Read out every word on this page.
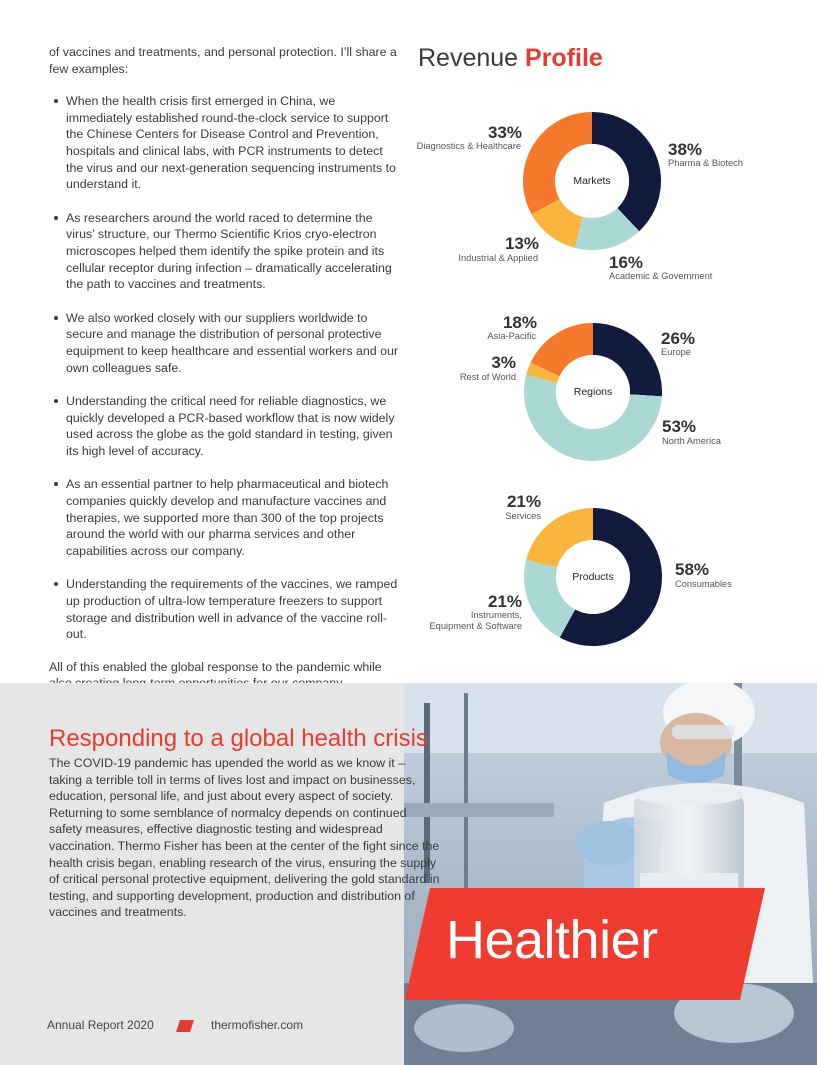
of vaccines and treatments, and personal protection. I’ll share a few examples:

When the health crisis first emerged in China, we immediately established round-the-clock service to support the Chinese Centers for Disease Control and Prevention, hospitals and clinical labs, with PCR instruments to detect the virus and our next-generation sequencing instruments to understand it.
As researchers around the world raced to determine the virus’ structure, our Thermo Scientific Krios cryo-electron microscopes helped them identify the spike protein and its cellular receptor during infection – dramatically accelerating the path to vaccines and treatments.
We also worked closely with our suppliers worldwide to secure and manage the distribution of personal protective equipment to keep healthcare and essential workers and our own colleagues safe.
Understanding the critical need for reliable diagnostics, we quickly developed a PCR-based workflow that is now widely used across the globe as the gold standard in testing, given its high level of accuracy.
As an essential partner to help pharmaceutical and biotech companies quickly develop and manufacture vaccines and therapies, we supported more than 300 of the top projects around the world with our pharma services and other capabilities across our company.
Understanding the requirements of the vaccines, we ramped up production of ultra-low temperature freezers to support storage and distribution well in advance of the vaccine roll-out.

All of this enabled the global response to the pandemic while

Revenue Profile
Markets
38%
Pharma & Biotech
16%
Academic & Government
13%
Industrial & Applied
33%
Diagnostics & Healthcare
Regions
26%
Europe
53%
North America
3%
Rest of World
18%
Asia-Pacific
Products	58%
Consumables
21%
Instruments,
Equipment & Software
21%
Services
Responding to a global health crisis
The COVID-19 pandemic has upended the world as we know it – taking a terrible toll in terms of lives lost and impact on businesses, education, personal life, and just about every aspect of society. Returning to some semblance of normalcy depends on continued safety measures, effective diagnostic testing and widespread vaccination. Thermo Fisher has been at the center of the fight since the health crisis began, enabling research of the virus, ensuring the supply of critical personal protective equipment, delivering the gold standard in testing, and supporting development, production and distribution of vaccines and treatments.	Healthier
Annual Report 2020	thermofisher.com
